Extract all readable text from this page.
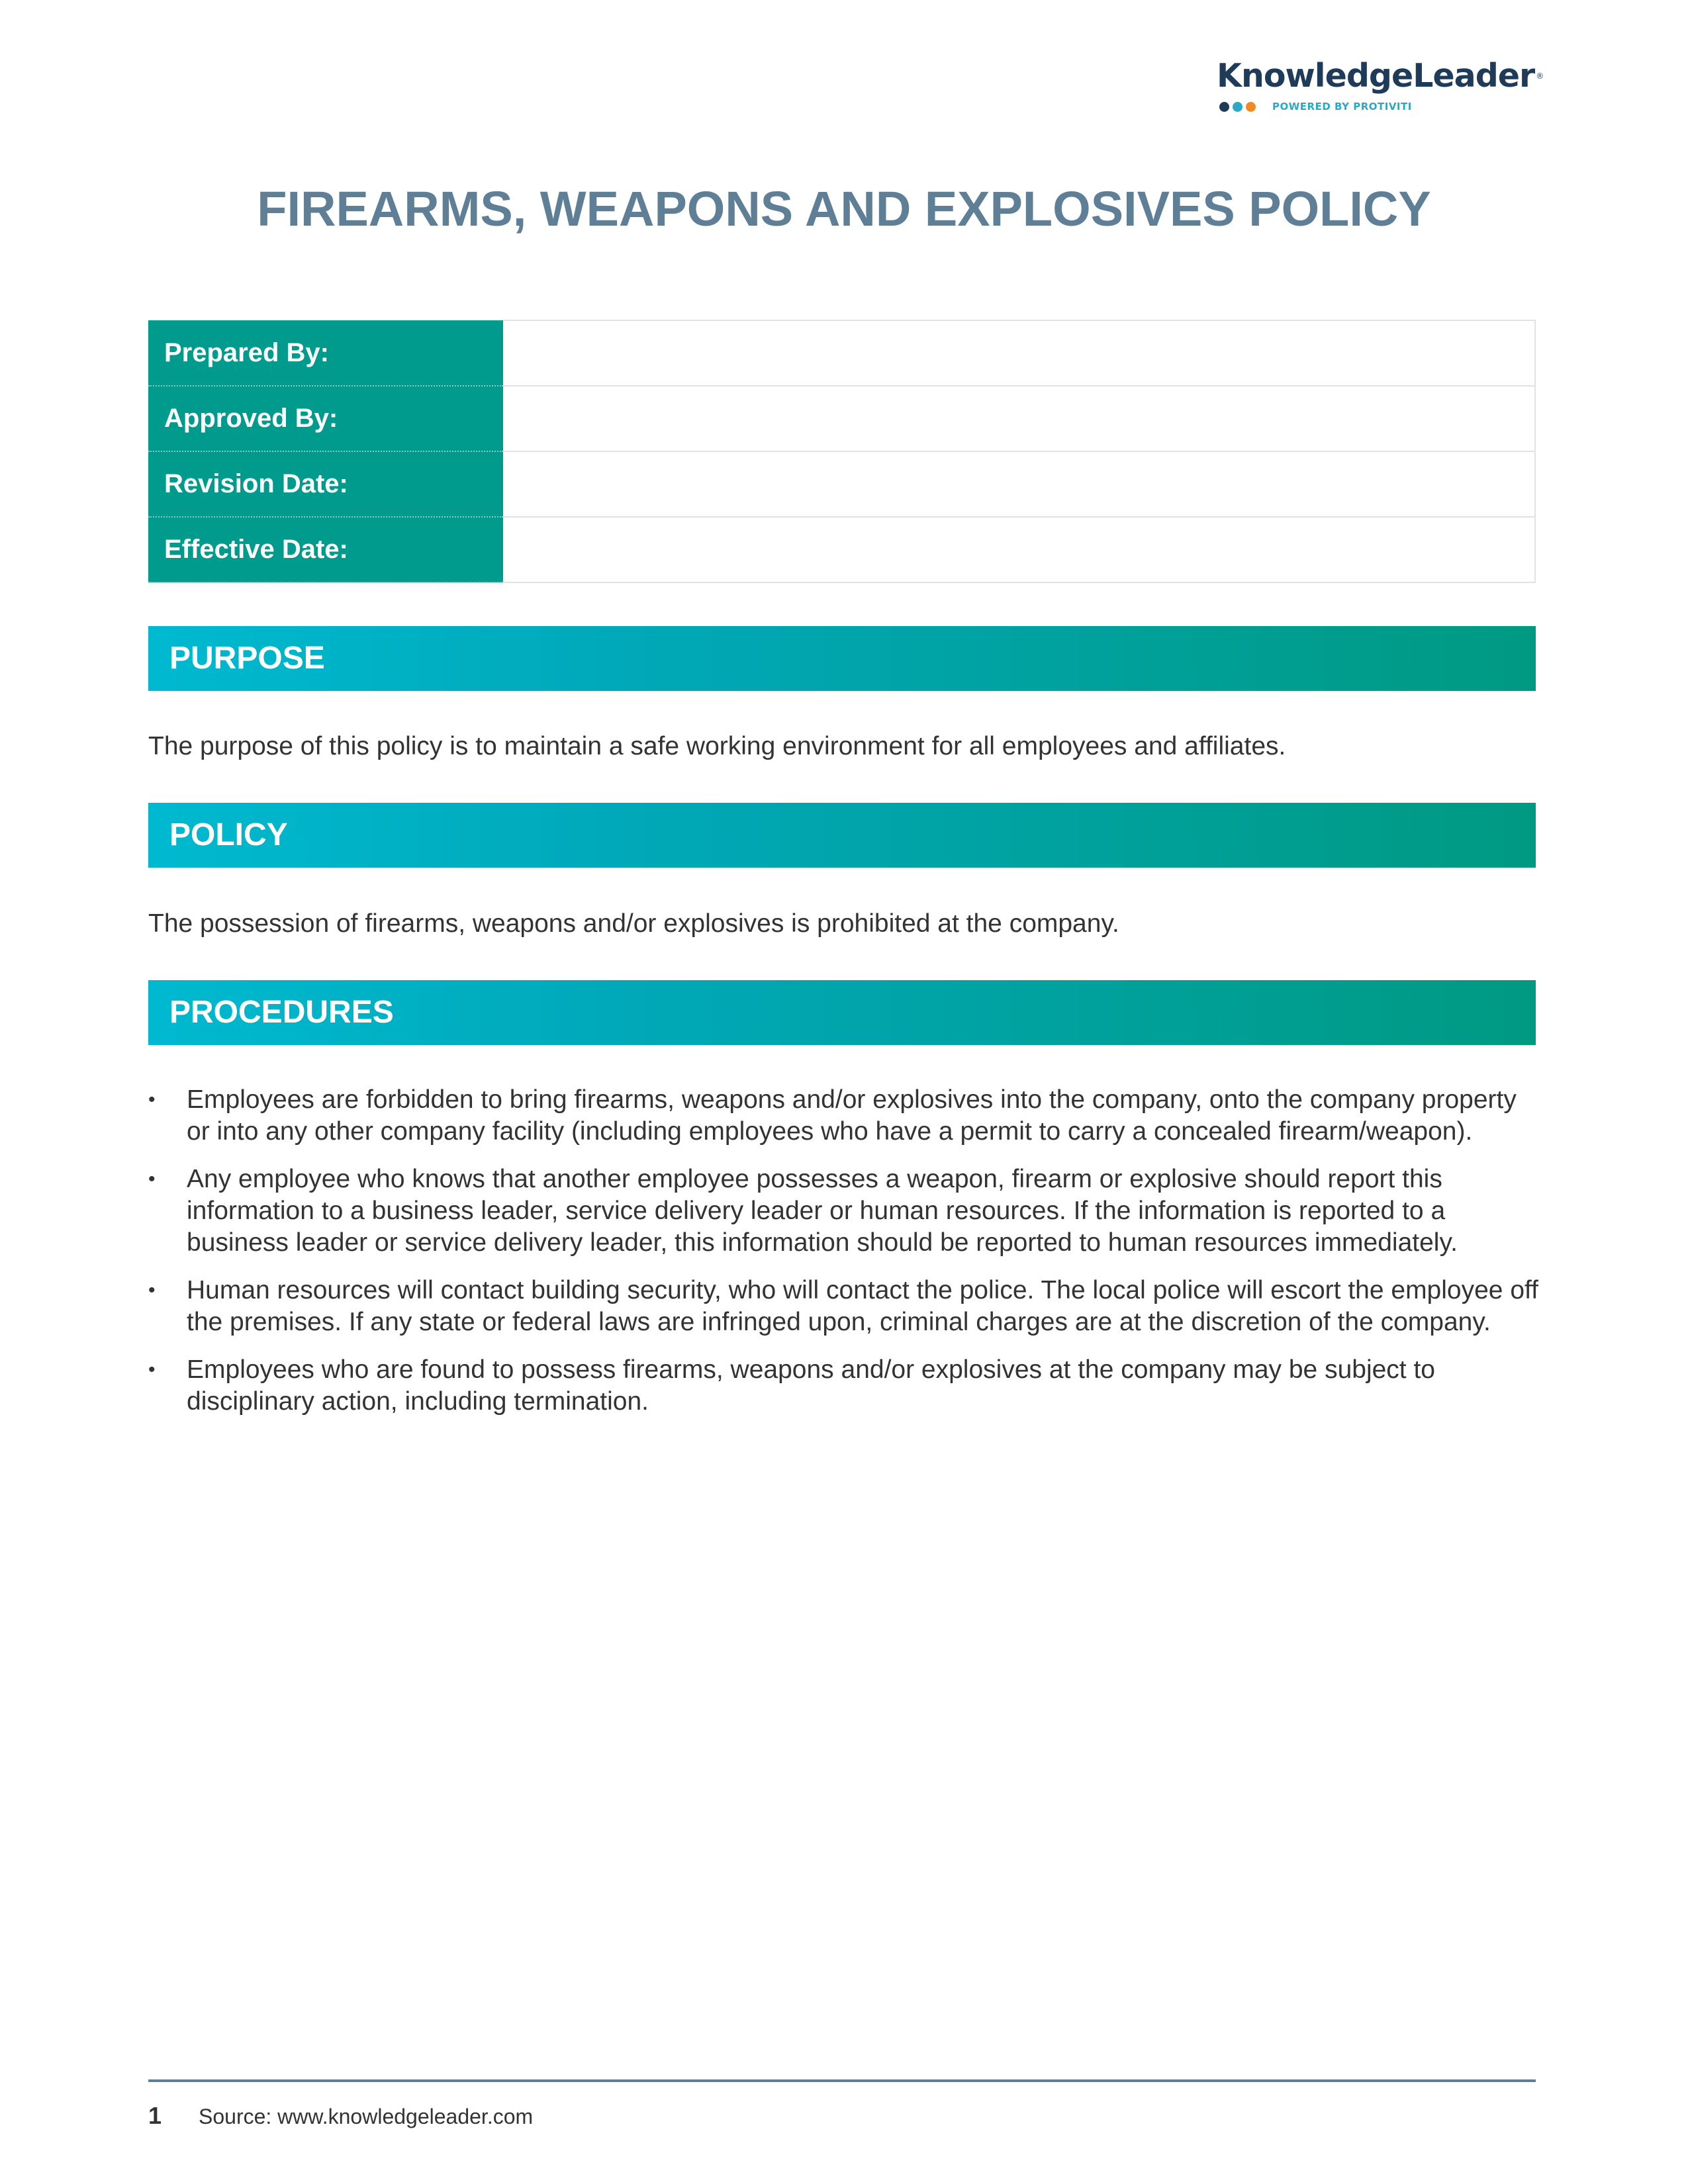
KnowledgeLeader ®
POWERED BY PROTIVITI
FIREARMS, WEAPONS AND EXPLOSIVES POLICY
Prepared By:	
Approved By:	
Revision Date:	
Effective Date:	
PURPOSE

The purpose of this policy is to maintain a safe working environment for all employees and affiliates.

POLICY

The possession of firearms, weapons and/or explosives is prohibited at the company.

PROCEDURES
• Employees are forbidden to bring firearms, weapons and/or explosives into the company, onto the company property or into any other company facility (including employees who have a permit to carry a concealed firearm/weapon).
• Any employee who knows that another employee possesses a weapon, firearm or explosive should report this information to a business leader, service delivery leader or human resources. If the information is reported to a business leader or service delivery leader, this information should be reported to human resources immediately.
• Human resources will contact building security, who will contact the police. The local police will escort the employee off the premises. If any state or federal laws are infringed upon, criminal charges are at the discretion of the company.
• Employees who are found to possess firearms, weapons and/or explosives at the company may be subject to disciplinary action, including termination.
1 Source: www.knowledgeleader.com
